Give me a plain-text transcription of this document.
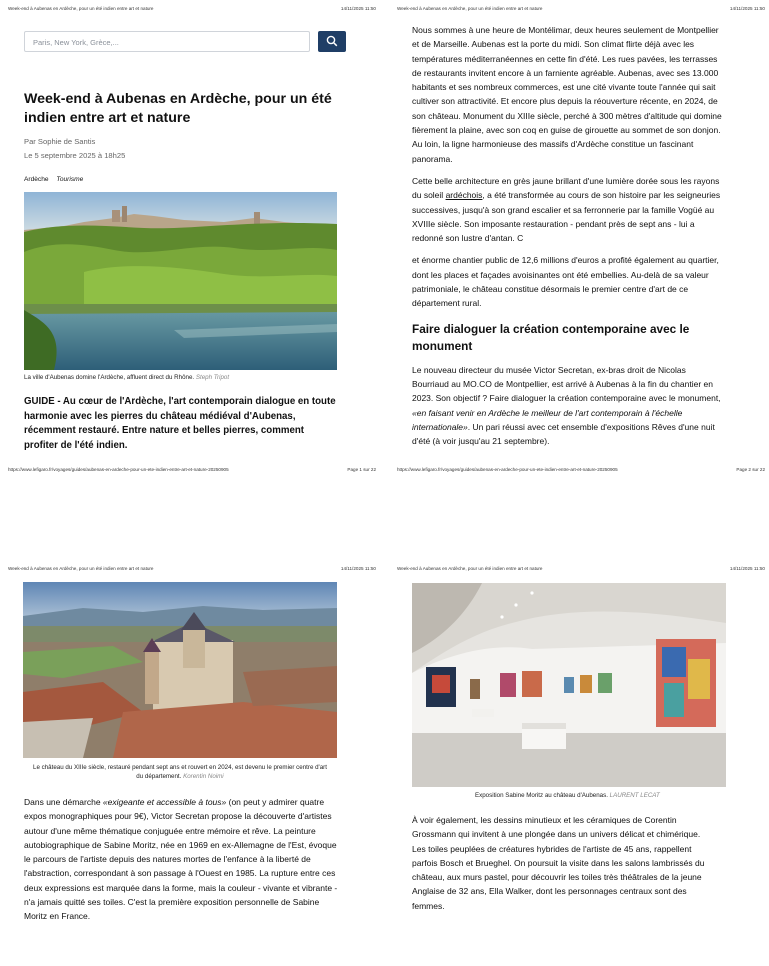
Week-end à Aubenas en Ardèche, pour un été indien entre art et nature	14/11/2025 11:50
Paris, New York, Grèce,...
Week-end à Aubenas en Ardèche, pour un été indien entre art et nature
Par Sophie de Santis
Le 5 septembre 2025 à 18h25
Ardèche Tourisme
La ville d'Aubenas domine l'Ardèche, affluent direct du Rhône. Steph Tripot
GUIDE - Au cœur de l'Ardèche, l'art contemporain dialogue en toute harmonie avec les pierres du château médiéval d'Aubenas, récemment restauré. Entre nature et belles pierres, comment profiter de l'été indien.
https://www.lefigaro.fr/voyages/guides/aubenas-en-ardeche-pour-un-ete-indien-entre-art-et-nature-20250905	Page 1 sur 22
Week-end à Aubenas en Ardèche, pour un été indien entre art et nature	14/11/2025 11:50

Nous sommes à une heure de Montélimar, deux heures seulement de Montpellier et de Marseille. Aubenas est la porte du midi. Son climat flirte déjà avec les températures méditerranéennes en cette fin d'été. Les rues pavées, les terrasses de restaurants invitent encore à un farniente agréable. Aubenas, avec ses 13.000 habitants et ses nombreux commerces, est une cité vivante toute l'année qui sait cultiver son attractivité. Et encore plus depuis la réouverture récente, en 2024, de son château. Monument du XIIIe siècle, perché à 300 mètres d'altitude qui domine fièrement la plaine, avec son coq en guise de girouette au sommet de son donjon. Au loin, la ligne harmonieuse des massifs d'Ardèche constitue un fascinant panorama.

Cette belle architecture en grès jaune brillant d'une lumière dorée sous les rayons du soleil ardéchois, a été transformée au cours de son histoire par les seigneuries successives, jusqu'à son grand escalier et sa ferronnerie par la famille Vogüé au XVIIIe siècle. Son imposante restauration - pendant près de sept ans - lui a redonné son lustre d'antan. C

et énorme chantier public de 12,6 millions d'euros a profité également au quartier, dont les places et façades avoisinantes ont été embellies. Au-delà de sa valeur patrimoniale, le château constitue désormais le premier centre d'art de ce département rural.

Faire dialoguer la création contemporaine avec le monument

Le nouveau directeur du musée Victor Secretan, ex-bras droit de Nicolas Bourriaud au MO.CO de Montpellier, est arrivé à Aubenas à la fin du chantier en 2023. Son objectif ? Faire dialoguer la création contemporaine avec le monument, «en faisant venir en Ardèche le meilleur de l'art contemporain à l'échelle internationale». Un pari réussi avec cet ensemble d'expositions Rêves d'une nuit d'été (à voir jusqu'au 21 septembre).

https://www.lefigaro.fr/voyages/guides/aubenas-en-ardeche-pour-un-ete-indien-entre-art-et-nature-20250905	Page 2 sur 22
Week-end à Aubenas en Ardèche, pour un été indien entre art et nature	14/11/2025 11:50
Le château du XIIIe siècle, restauré pendant sept ans et rouvert en 2024, est devenu le premier centre d'art du département. Korentin Noimi

Dans une démarche «exigeante et accessible à tous» (on peut y admirer quatre expos monographiques pour 9€), Victor Secretan propose la découverte d'artistes autour d'une même thématique conjuguée entre mémoire et rêve. La peinture autobiographique de Sabine Moritz, née en 1969 en ex-Allemagne de l'Est, évoque le parcours de l'artiste depuis des natures mortes de l'enfance à la liberté de l'abstraction, correspondant à son passage à l'Ouest en 1985. La rupture entre ces deux expressions est marquée dans la forme, mais la couleur - vivante et vibrante - n'a jamais quitté ses toiles. C'est la première exposition personnelle de Sabine Moritz en France.

Week-end à Aubenas en Ardèche, pour un été indien entre art et nature	14/11/2025 11:50
Exposition Sabine Moritz au château d'Aubenas. LAURENT LECAT

À voir également, les dessins minutieux et les céramiques de Corentin Grossmann qui invitent à une plongée dans un univers délicat et chimérique. Les toiles peuplées de créatures hybrides de l'artiste de 45 ans, rappellent parfois Bosch et Brueghel. On poursuit la visite dans les salons lambrissés du château, aux murs pastel, pour découvrir les toiles très théâtrales de la jeune Anglaise de 32 ans, Ella Walker, dont les personnages centraux sont des femmes.
